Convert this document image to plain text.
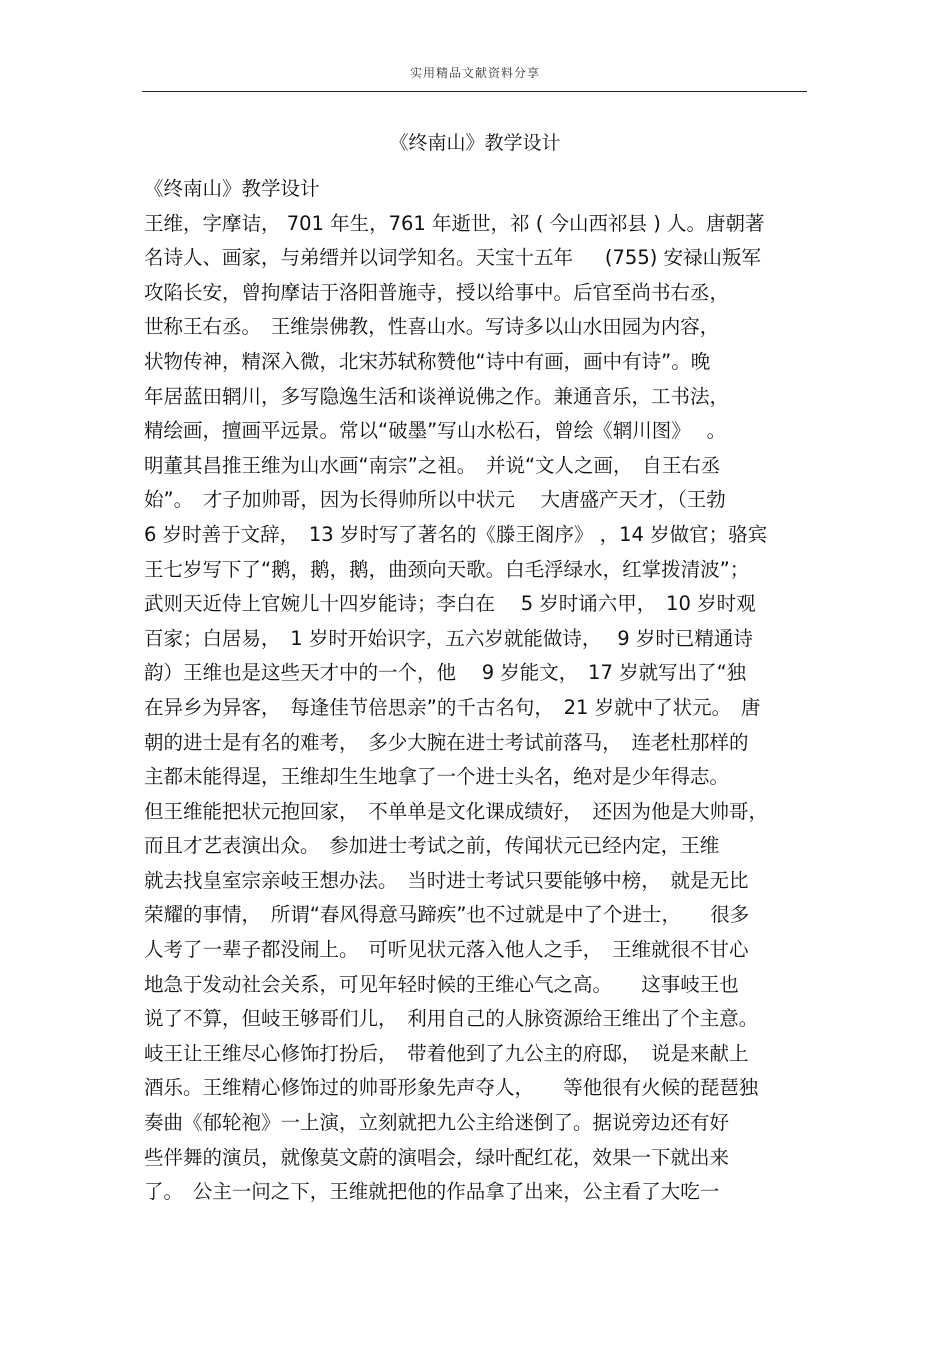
实用精品文献资料分享
《终南山》教学设计
《终南山》教学设计
王维，字摩诘， 701 年生，761 年逝世，祁 ( 今山西祁县 ) 人。唐朝著
名诗人、画家，与弟缙并以词学知名。天宝十五年　  (755) 安禄山叛军
攻陷长安，曾拘摩诘于洛阳普施寺，授以给事中。后官至尚书右丞，
世称王右丞。　王维崇佛教，性喜山水。写诗多以山水田园为内容，
状物传神，精深入微，北宋苏轼称赞他“诗中有画，画中有诗”。晚
年居蓝田辋川，多写隐逸生活和谈禅说佛之作。兼通音乐，工书法，
精绘画，擅画平远景。常以“破墨”写山水松石，曾绘《辋川图》　 。
明董其昌推王维为山水画“南宗”之祖。　并说“文人之画，　自王右丞
始”。　才子加帅哥，因为长得帅所以中状元　 大唐盛产天才，（王勃
6 岁时善于文辞，　13 岁时写了著名的《滕王阁序》 ，14 岁做官；骆宾
王七岁写下了“鹅，鹅，鹅，曲颈向天歌。白毛浮绿水，红掌拨清波”；
武则天近侍上官婉儿十四岁能诗；李白在　 5 岁时诵六甲，　10 岁时观
百家；白居易，　1 岁时开始识字，五六岁就能做诗，　 9 岁时已精通诗
韵）王维也是这些天才中的一个，他　 9 岁能文，　17 岁就写出了“独
在异乡为异客，　每逢佳节倍思亲”的千古名句，　21 岁就中了状元。　唐
朝的进士是有名的难考，　多少大腕在进士考试前落马，　连老杜那样的
主都未能得逞，王维却生生地拿了一个进士头名，绝对是少年得志。
但王维能把状元抱回家，　不单单是文化课成绩好，　还因为他是大帅哥，
而且才艺表演出众。　参加进士考试之前，传闻状元已经内定，王维
就去找皇室宗亲岐王想办法。　当时进士考试只要能够中榜，　就是无比
荣耀的事情，　所谓“春风得意马蹄疾”也不过就是中了个进士，　　很多
人考了一辈子都没闹上。　可听见状元落入他人之手，　王维就很不甘心
地急于发动社会关系，可见年轻时候的王维心气之高。　　这事岐王也
说了不算，但岐王够哥们儿，　利用自己的人脉资源给王维出了个主意。
岐王让王维尽心修饰打扮后，　带着他到了九公主的府邸，　说是来献上
酒乐。王维精心修饰过的帅哥形象先声夺人，　　等他很有火候的琵琶独
奏曲《郁轮袍》一上演，立刻就把九公主给迷倒了。据说旁边还有好
些伴舞的演员，就像莫文蔚的演唱会，绿叶配红花，效果一下就出来
了。　公主一问之下，王维就把他的作品拿了出来，公主看了大吃一
